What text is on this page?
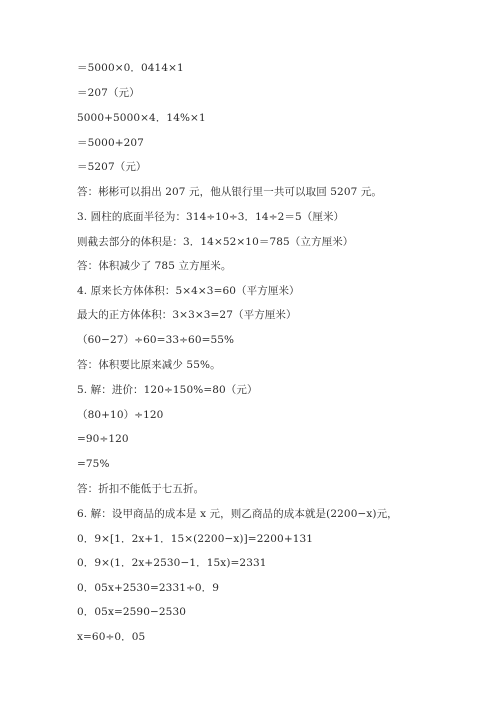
＝5000×0．0414×1
＝207（元）
5000+5000×4．14%×1
＝5000+207
＝5207（元）
答：彬彬可以捐出 207 元，他从银行里一共可以取回 5207 元。
3. 圆柱的底面半径为：314÷10÷3．14÷2＝5（厘米）
则截去部分的体积是：3．14×52×10＝785（立方厘米）
答：体积减少了 785 立方厘米。
4. 原来长方体体积：5×4×3=60（平方厘米）
最大的正方体体积：3×3×3=27（平方厘米）
（60−27）÷60=33÷60=55%
答：体积要比原来减少 55%。
5. 解：进价：120÷150%=80（元）
（80+10）÷120
=90÷120
=75%
答：折扣不能低于七五折。
6. 解：设甲商品的成本是 x 元，则乙商品的成本就是(2200−x)元，
0．9×[1．2x+1．15×(2200−x)]=2200+131
0．9×(1．2x+2530−1．15x)=2331
0．05x+2530=2331÷0．9
0．05x=2590−2530
x=60÷0．05
